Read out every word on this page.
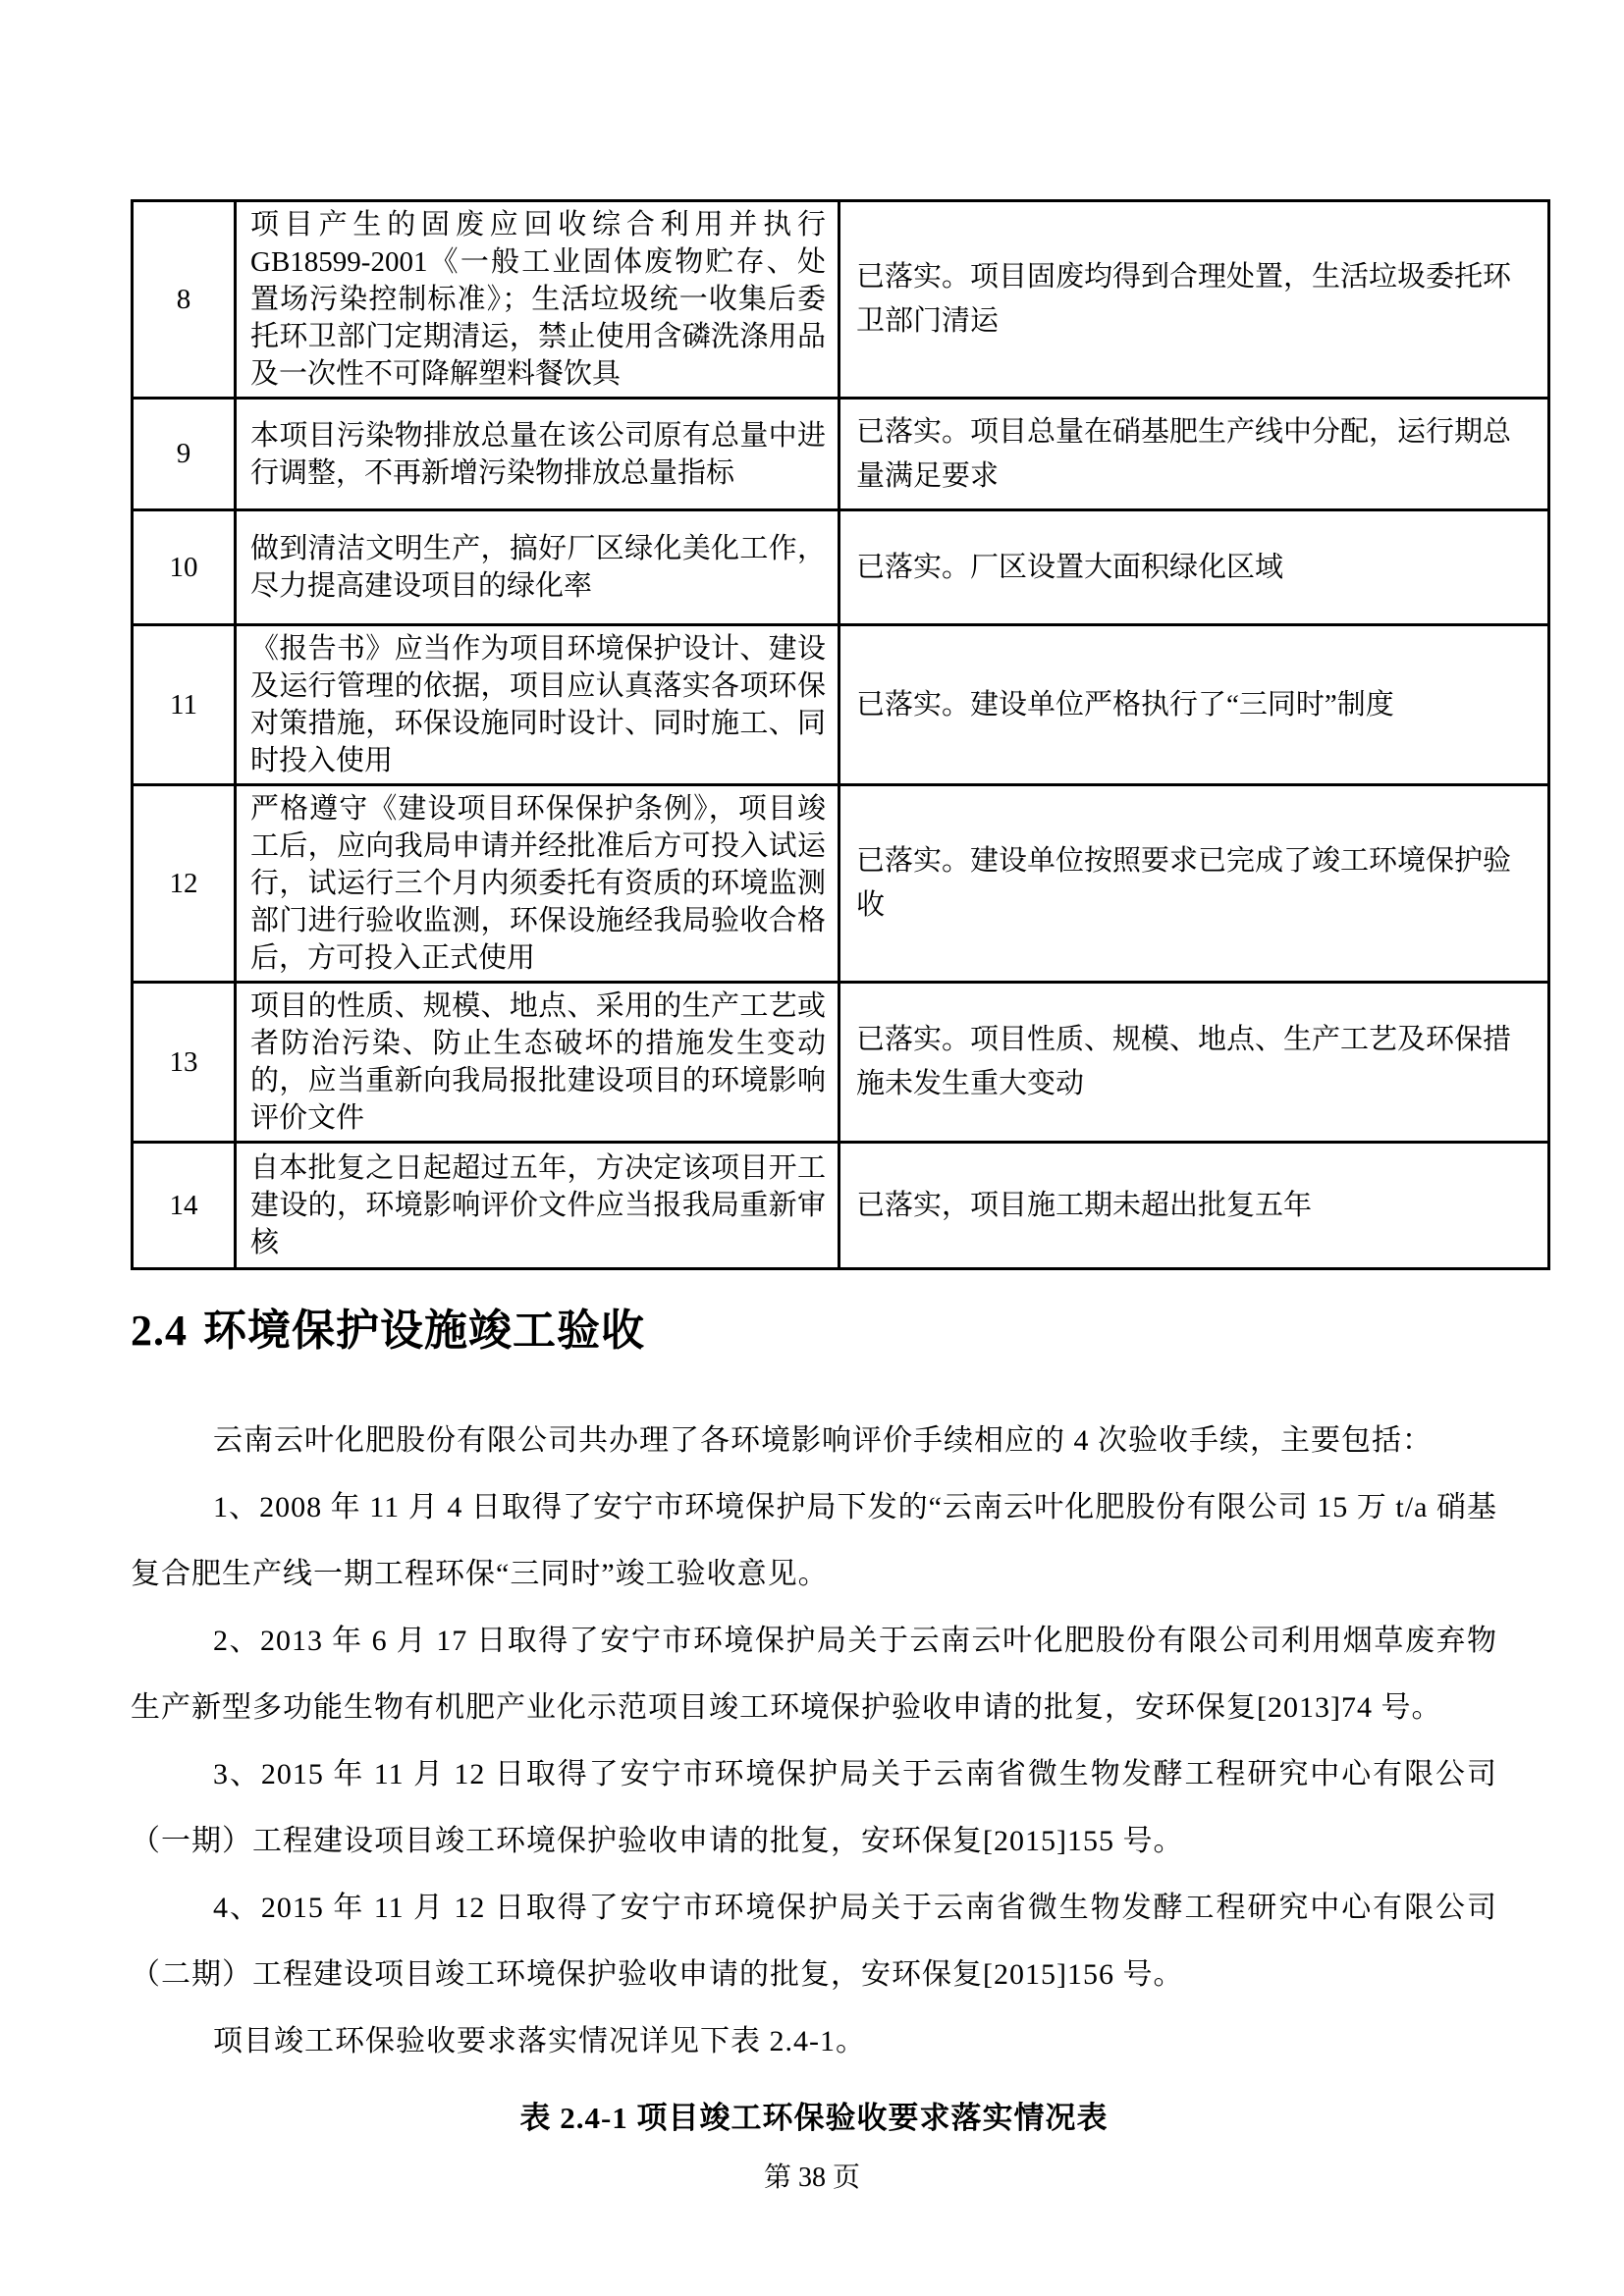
8	项目产生的固废应回收综合利用并执行GB18599-2001《一般工业固体废物贮存、处置场污染控制标准》；生活垃圾统一收集后委托环卫部门定期清运，禁止使用含磷洗涤用品及一次性不可降解塑料餐饮具	已落实。项目固废均得到合理处置，生活垃圾委托环卫部门清运
9	本项目污染物排放总量在该公司原有总量中进行调整，不再新增污染物排放总量指标	已落实。项目总量在硝基肥生产线中分配，运行期总量满足要求
10	做到清洁文明生产，搞好厂区绿化美化工作，尽力提高建设项目的绿化率	已落实。厂区设置大面积绿化区域
11	《报告书》应当作为项目环境保护设计、建设及运行管理的依据，项目应认真落实各项环保对策措施，环保设施同时设计、同时施工、同时投入使用	已落实。建设单位严格执行了“三同时”制度
12	严格遵守《建设项目环保保护条例》，项目竣工后，应向我局申请并经批准后方可投入试运行，试运行三个月内须委托有资质的环境监测部门进行验收监测，环保设施经我局验收合格后，方可投入正式使用	已落实。建设单位按照要求已完成了竣工环境保护验收
13	项目的性质、规模、地点、采用的生产工艺或者防治污染、防止生态破坏的措施发生变动的，应当重新向我局报批建设项目的环境影响评价文件	已落实。项目性质、规模、地点、生产工艺及环保措施未发生重大变动
14	自本批复之日起超过五年，方决定该项目开工建设的，环境影响评价文件应当报我局重新审核	已落实，项目施工期未超出批复五年
2.4 环境保护设施竣工验收

云南云叶化肥股份有限公司共办理了各环境影响评价手续相应的 4 次验收手续，主要包括：

1、2008 年 11 月 4 日取得了安宁市环境保护局下发的“云南云叶化肥股份有限公司 15 万 t/a 硝基复合肥生产线一期工程环保“三同时”竣工验收意见。

2、2013 年 6 月 17 日取得了安宁市环境保护局关于云南云叶化肥股份有限公司利用烟草废弃物生产新型多功能生物有机肥产业化示范项目竣工环境保护验收申请的批复，安环保复[2013]74 号。

3、2015 年 11 月 12 日取得了安宁市环境保护局关于云南省微生物发酵工程研究中心有限公司（一期）工程建设项目竣工环境保护验收申请的批复，安环保复[2015]155 号。

4、2015 年 11 月 12 日取得了安宁市环境保护局关于云南省微生物发酵工程研究中心有限公司（二期）工程建设项目竣工环境保护验收申请的批复，安环保复[2015]156 号。

项目竣工环保验收要求落实情况详见下表 2.4-1。

表 2.4-1 项目竣工环保验收要求落实情况表

第 38 页
